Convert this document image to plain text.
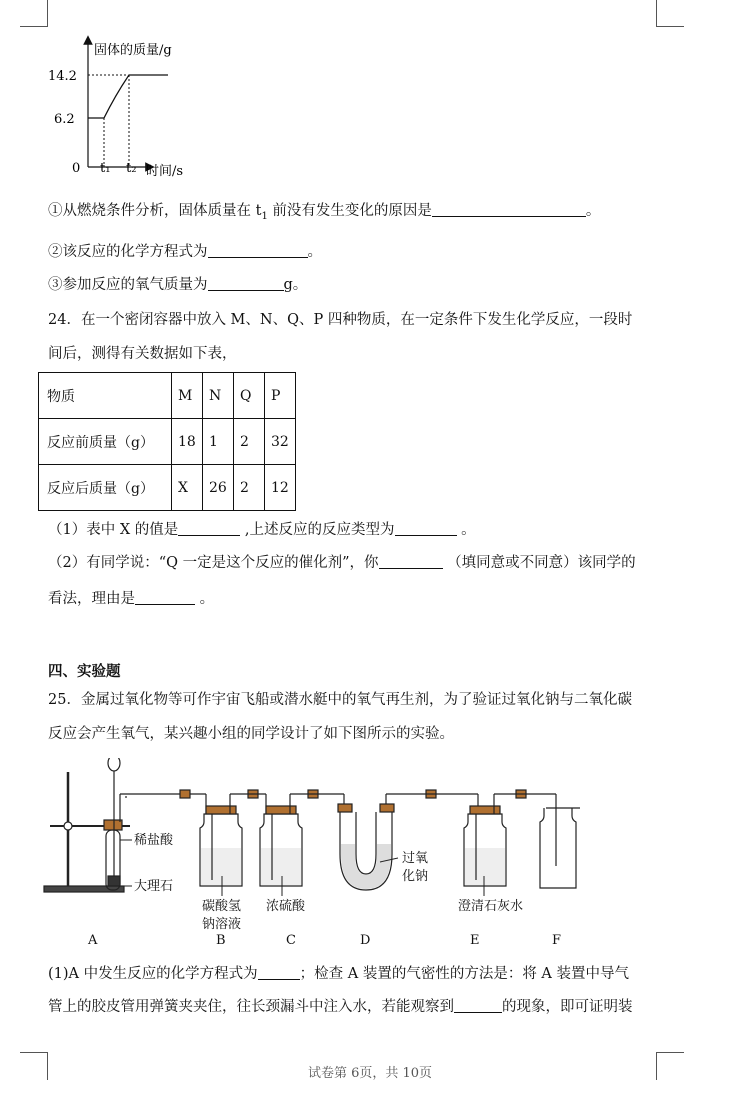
固体的质量/g
时间/s
0
14.2
6.2
t₁ t₂
①从燃烧条件分析，固体质量在 $t_1$ 前没有发生变化的原因是	。
②该反应的化学方程式为	。
③参加反应的氧气质量为	g。
24．在一个密闭容器中放入 M、N、Q、P 四种物质，在一定条件下发生化学反应，一段时
间后，测得有关数据如下表，
物质	M	N	Q	P
反应前质量（g）	18	1	2	32
反应后质量（g）	X	26	2	12
（1）表中 X 的值是	,上述反应的反应类型为	。
（2）有同学说：“Q 一定是这个反应的催化剂”，你	（填同意或不同意）该同学的
看法，理由是	。
四、实验题
25．金属过氧化物等可作宇宙飞船或潜水艇中的氧气再生剂，为了验证过氧化钠与二氧化碳
反应会产生氧气，某兴趣小组的同学设计了如下图所示的实验。
稀盐酸
大理石
碳酸氢
钠溶液
浓硫酸
过氧
化钠
澄清石灰水
A	B	C	D	E	F
(1)A 中发生反应的化学方程式为	；检查 A 装置的气密性的方法是：将 A 装置中导气
管上的胶皮管用弹簧夹夹住，往长颈漏斗中注入水，若能观察到	的现象，即可证明装
试卷第 6页，共 10页
